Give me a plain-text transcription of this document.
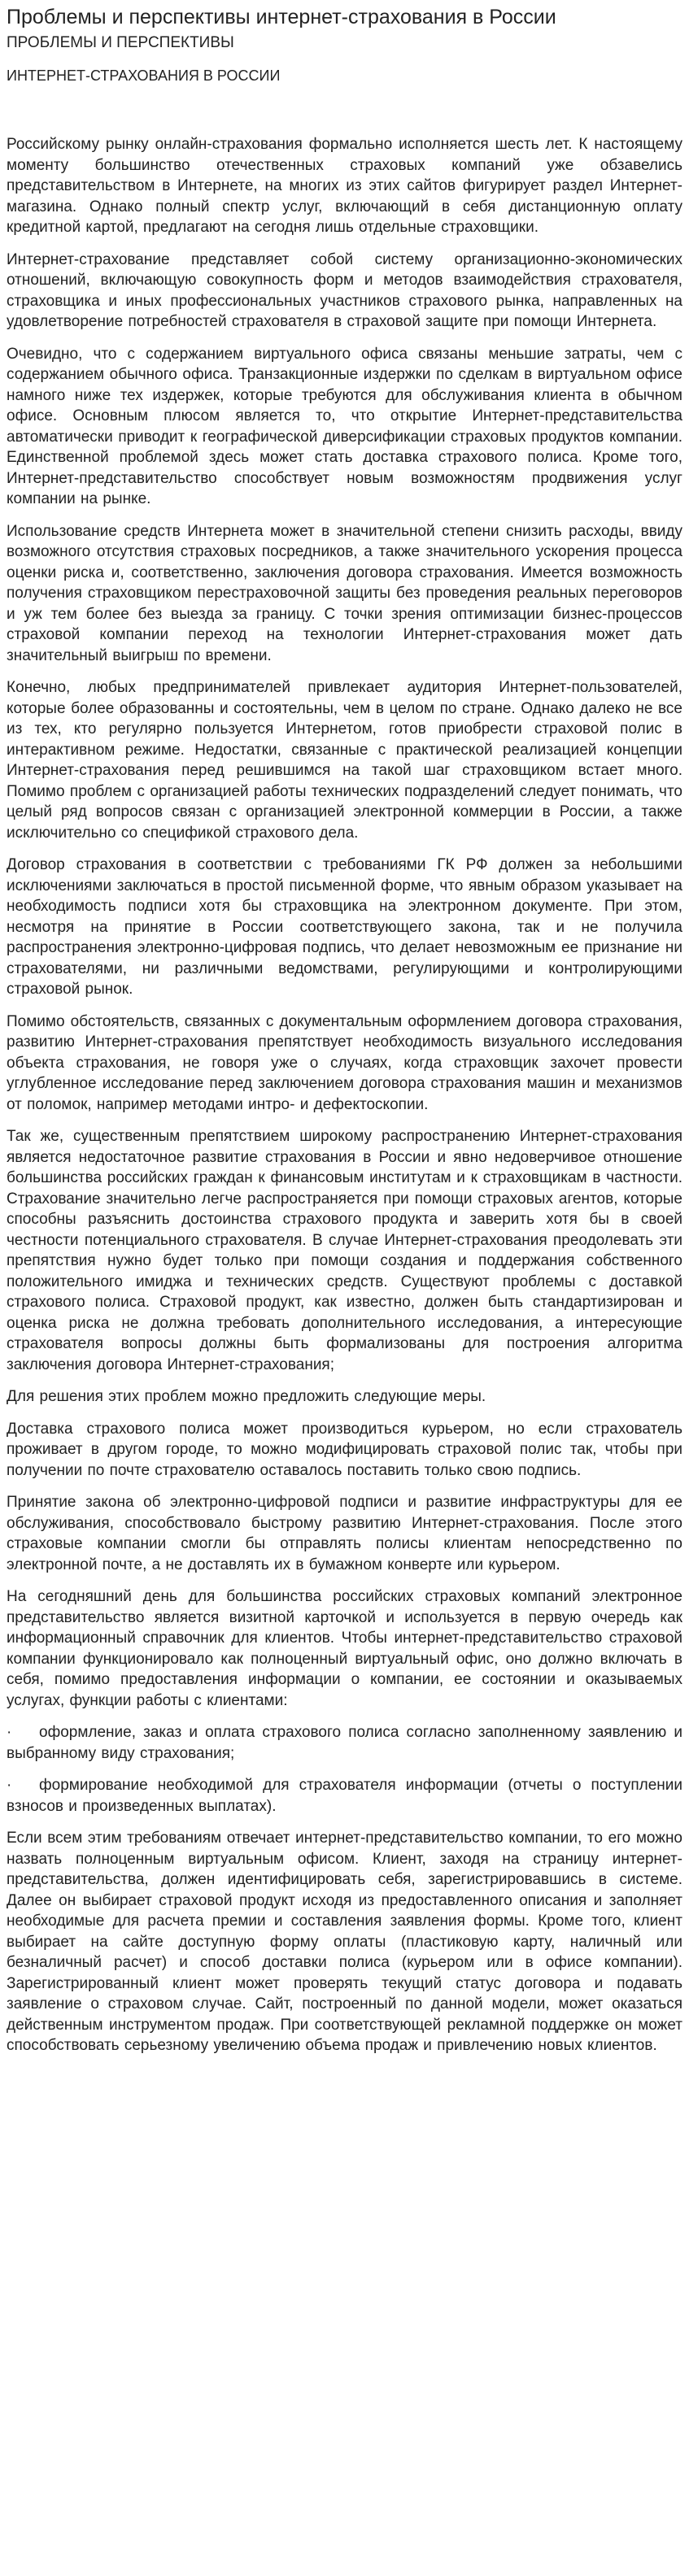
Проблемы и перспективы интернет-страхования в России
ПРОБЛЕМЫ И ПЕРСПЕКТИВЫ
ИНТЕРНЕТ-СТРАХОВАНИЯ В РОССИИ

Российскому рынку онлайн-страхования формально исполняется шесть лет. К настоящему моменту большинство отечественных страховых компаний уже обзавелись представительством в Интернете, на многих из этих сайтов фигурирует раздел Интернет-магазина. Однако полный спектр услуг, включающий в себя дистанционную оплату кредитной картой, предлагают на сегодня лишь отдельные страховщики.

Интернет-страхование представляет собой систему организационно-экономических отношений, включающую совокупность форм и методов взаимодействия страхователя, страховщика и иных профессиональных участников страхового рынка, направленных на удовлетворение потребностей страхователя в страховой защите при помощи Интернета.

Очевидно, что с содержанием виртуального офиса связаны меньшие затраты, чем с содержанием обычного офиса. Транзакционные издержки по сделкам в виртуальном офисе намного ниже тех издержек, которые требуются для обслуживания клиента в обычном офисе. Основным плюсом является то, что открытие Интернет-представительства автоматически приводит к географической диверсификации страховых продуктов компании. Единственной проблемой здесь может стать доставка страхового полиса. Кроме того, Интернет-представительство способствует новым возможностям продвижения услуг компании на рынке.

Использование средств Интернета может в значительной степени снизить расходы, ввиду возможного отсутствия страховых посредников, а также значительного ускорения процесса оценки риска и, соответственно, заключения договора страхования. Имеется возможность получения страховщиком перестраховочной защиты без проведения реальных переговоров и уж тем более без выезда за границу. С точки зрения оптимизации бизнес-процессов страховой компании переход на технологии Интернет-страхования может дать значительный выигрыш по времени.

Конечно, любых предпринимателей привлекает аудитория Интернет-пользователей, которые более образованны и состоятельны, чем в целом по стране. Однако далеко не все из тех, кто регулярно пользуется Интернетом, готов приобрести страховой полис в интерактивном режиме. Недостатки, связанные с практической реализацией концепции Интернет-страхования перед решившимся на такой шаг страховщиком встает много. Помимо проблем с организацией работы технических подразделений следует понимать, что целый ряд вопросов связан с организацией электронной коммерции в России, а также исключительно со спецификой страхового дела.

Договор страхования в соответствии с требованиями ГК РФ должен за небольшими исключениями заключаться в простой письменной форме, что явным образом указывает на необходимость подписи хотя бы страховщика на электронном документе. При этом, несмотря на принятие в России соответствующего закона, так и не получила распространения электронно-цифровая подпись, что делает невозможным ее признание ни страхователями, ни различными ведомствами, регулирующими и контролирующими страховой рынок.

Помимо обстоятельств, связанных с документальным оформлением договора страхования, развитию Интернет-страхования препятствует необходимость визуального исследования объекта страхования, не говоря уже о случаях, когда страховщик захочет провести углубленное исследование перед заключением договора страхования машин и механизмов от поломок, например методами интро- и дефектоскопии.

Так же, существенным препятствием широкому распространению Интернет-страхования является недостаточное развитие страхования в России и явно недоверчивое отношение большинства российских граждан к финансовым институтам и к страховщикам в частности. Страхование значительно легче распространяется при помощи страховых агентов, которые способны разъяснить достоинства страхового продукта и заверить хотя бы в своей честности потенциального страхователя. В случае Интернет-страхования преодолевать эти препятствия нужно будет только при помощи создания и поддержания собственного положительного имиджа и технических средств. Существуют проблемы с доставкой страхового полиса. Страховой продукт, как известно, должен быть стандартизирован и оценка риска не должна требовать дополнительного исследования, а интересующие страхователя вопросы должны быть формализованы для построения алгоритма заключения договора Интернет-страхования;

Для решения этих проблем можно предложить следующие меры.

Доставка страхового полиса может производиться курьером, но если страхователь проживает в другом городе, то можно модифицировать страховой полис так, чтобы при получении по почте страхователю оставалось поставить только свою подпись.

Принятие закона об электронно-цифровой подписи и развитие инфраструктуры для ее обслуживания, способствовало быстрому развитию Интернет-страхования. После этого страховые компании смогли бы отправлять полисы клиентам непосредственно по электронной почте, а не доставлять их в бумажном конверте или курьером.

На сегодняшний день для большинства российских страховых компаний электронное представительство является визитной карточкой и используется в первую очередь как информационный справочник для клиентов. Чтобы интернет-представительство страховой компании функционировало как полноценный виртуальный офис, оно должно включать в себя, помимо предоставления информации о компании, ее состоянии и оказываемых услугах, функции работы с клиентами:

· оформление, заказ и оплата страхового полиса согласно заполненному заявлению и выбранному виду страхования;

· формирование необходимой для страхователя информации (отчеты о поступлении взносов и произведенных выплатах).

Если всем этим требованиям отвечает интернет-представительство компании, то его можно назвать полноценным виртуальным офисом. Клиент, заходя на страницу интернет-представительства, должен идентифицировать себя, зарегистрировавшись в системе. Далее он выбирает страховой продукт исходя из предоставленного описания и заполняет необходимые для расчета премии и составления заявления формы. Кроме того, клиент выбирает на сайте доступную форму оплаты (пластиковую карту, наличный или безналичный расчет) и способ доставки полиса (курьером или в офисе компании). Зарегистрированный клиент может проверять текущий статус договора и подавать заявление о страховом случае. Сайт, построенный по данной модели, может оказаться действенным инструментом продаж. При соответствующей рекламной поддержке он может способствовать серьезному увеличению объема продаж и привлечению новых клиентов.
